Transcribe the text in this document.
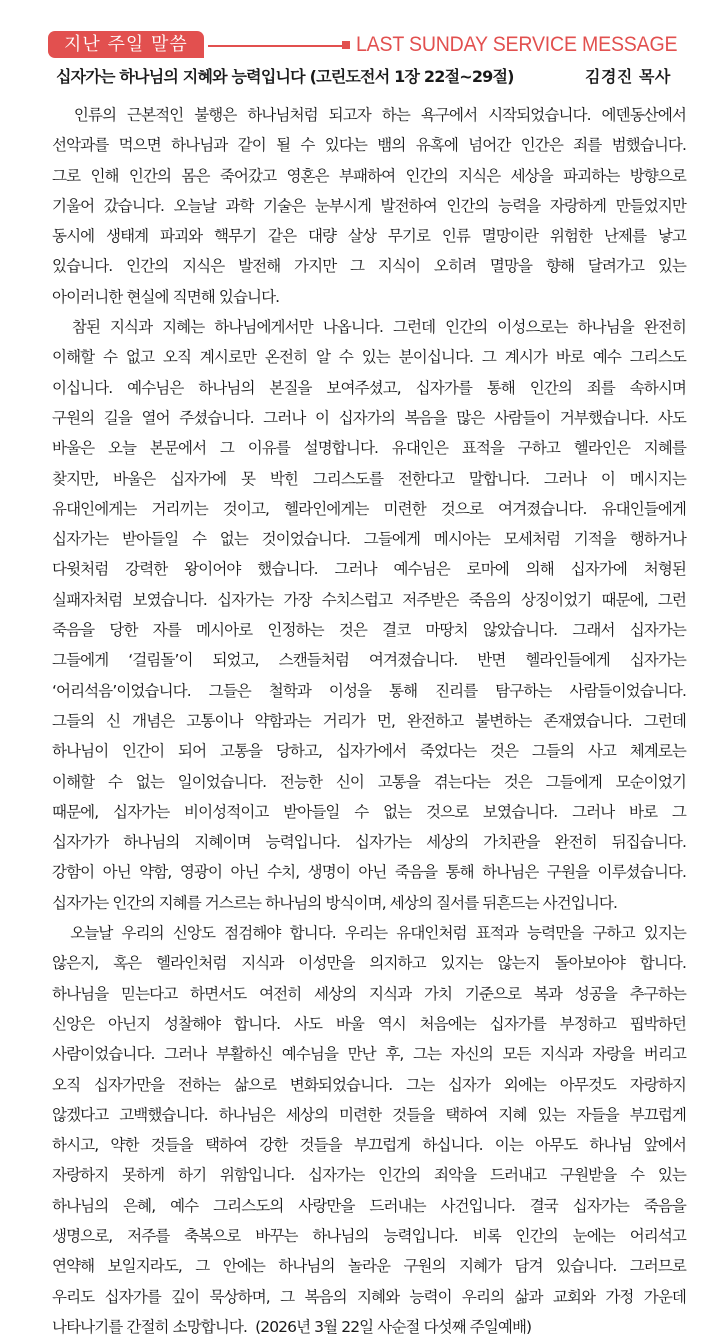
지난 주일 말씀	LAST SUNDAY SERVICE MESSAGE
십자가는 하나님의 지혜와 능력입니다 (고린도전서 1장 22절~29절)	김경진 목사
인류의 근본적인 불행은 하나님처럼 되고자 하는 욕구에서 시작되었습니다. 에덴동산에서
선악과를 먹으면 하나님과 같이 될 수 있다는 뱀의 유혹에 넘어간 인간은 죄를 범했습니다.
그로 인해 인간의 몸은 죽어갔고 영혼은 부패하여 인간의 지식은 세상을 파괴하는 방향으로
기울어 갔습니다. 오늘날 과학 기술은 눈부시게 발전하여 인간의 능력을 자랑하게 만들었지만
동시에 생태계 파괴와 핵무기 같은 대량 살상 무기로 인류 멸망이란 위험한 난제를 낳고
있습니다. 인간의 지식은 발전해 가지만 그 지식이 오히려 멸망을 향해 달려가고 있는
아이러니한 현실에 직면해 있습니다.
참된 지식과 지혜는 하나님에게서만 나옵니다. 그런데 인간의 이성으로는 하나님을 완전히
이해할 수 없고 오직 계시로만 온전히 알 수 있는 분이십니다. 그 계시가 바로 예수 그리스도
이십니다. 예수님은 하나님의 본질을 보여주셨고, 십자가를 통해 인간의 죄를 속하시며
구원의 길을 열어 주셨습니다. 그러나 이 십자가의 복음을 많은 사람들이 거부했습니다. 사도
바울은 오늘 본문에서 그 이유를 설명합니다. 유대인은 표적을 구하고 헬라인은 지혜를
찾지만, 바울은 십자가에 못 박힌 그리스도를 전한다고 말합니다. 그러나 이 메시지는
유대인에게는 거리끼는 것이고, 헬라인에게는 미련한 것으로 여겨졌습니다. 유대인들에게
십자가는 받아들일 수 없는 것이었습니다. 그들에게 메시아는 모세처럼 기적을 행하거나
다윗처럼 강력한 왕이어야 했습니다. 그러나 예수님은 로마에 의해 십자가에 처형된
실패자처럼 보였습니다. 십자가는 가장 수치스럽고 저주받은 죽음의 상징이었기 때문에, 그런
죽음을 당한 자를 메시아로 인정하는 것은 결코 마땅치 않았습니다. 그래서 십자가는
그들에게 ‘걸림돌’이 되었고, 스캔들처럼 여겨졌습니다. 반면 헬라인들에게 십자가는
‘어리석음’이었습니다. 그들은 철학과 이성을 통해 진리를 탐구하는 사람들이었습니다.
그들의 신 개념은 고통이나 약함과는 거리가 먼, 완전하고 불변하는 존재였습니다. 그런데
하나님이 인간이 되어 고통을 당하고, 십자가에서 죽었다는 것은 그들의 사고 체계로는
이해할 수 없는 일이었습니다. 전능한 신이 고통을 겪는다는 것은 그들에게 모순이었기
때문에, 십자가는 비이성적이고 받아들일 수 없는 것으로 보였습니다. 그러나 바로 그
십자가가 하나님의 지혜이며 능력입니다. 십자가는 세상의 가치관을 완전히 뒤집습니다.
강함이 아닌 약함, 영광이 아닌 수치, 생명이 아닌 죽음을 통해 하나님은 구원을 이루셨습니다.
십자가는 인간의 지혜를 거스르는 하나님의 방식이며, 세상의 질서를 뒤흔드는 사건입니다.
오늘날 우리의 신앙도 점검해야 합니다. 우리는 유대인처럼 표적과 능력만을 구하고 있지는
않은지, 혹은 헬라인처럼 지식과 이성만을 의지하고 있지는 않는지 돌아보아야 합니다.
하나님을 믿는다고 하면서도 여전히 세상의 지식과 가치 기준으로 복과 성공을 추구하는
신앙은 아닌지 성찰해야 합니다. 사도 바울 역시 처음에는 십자가를 부정하고 핍박하던
사람이었습니다. 그러나 부활하신 예수님을 만난 후, 그는 자신의 모든 지식과 자랑을 버리고
오직 십자가만을 전하는 삶으로 변화되었습니다. 그는 십자가 외에는 아무것도 자랑하지
않겠다고 고백했습니다. 하나님은 세상의 미련한 것들을 택하여 지혜 있는 자들을 부끄럽게
하시고, 약한 것들을 택하여 강한 것들을 부끄럽게 하십니다. 이는 아무도 하나님 앞에서
자랑하지 못하게 하기 위함입니다. 십자가는 인간의 죄악을 드러내고 구원받을 수 있는
하나님의 은혜, 예수 그리스도의 사랑만을 드러내는 사건입니다. 결국 십자가는 죽음을
생명으로, 저주를 축복으로 바꾸는 하나님의 능력입니다. 비록 인간의 눈에는 어리석고
연약해 보일지라도, 그 안에는 하나님의 놀라운 구원의 지혜가 담겨 있습니다. 그러므로
우리도 십자가를 깊이 묵상하며, 그 복음의 지혜와 능력이 우리의 삶과 교회와 가정 가운데
나타나기를 간절히 소망합니다.  (2026년 3월 22일 사순절 다섯째 주일예배)
